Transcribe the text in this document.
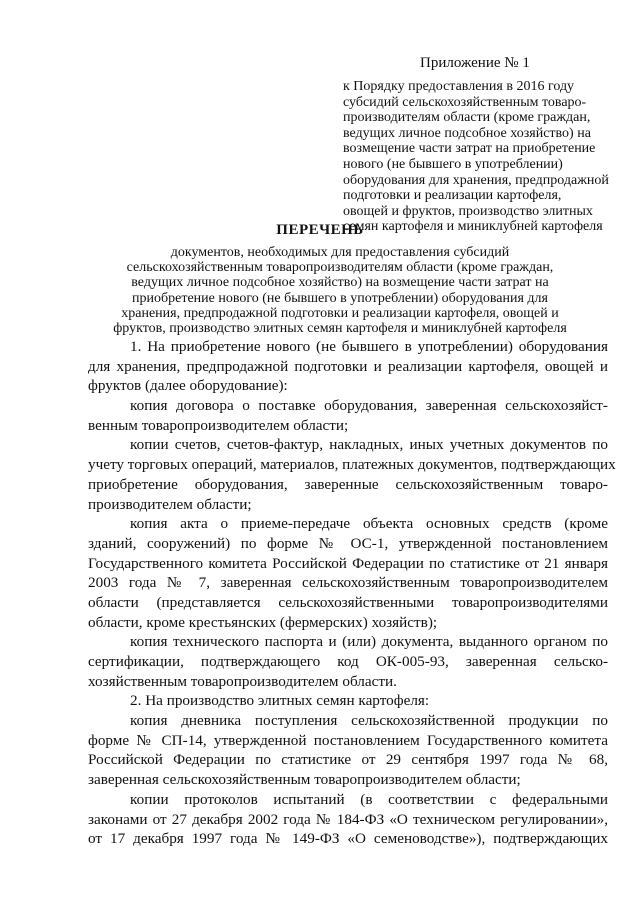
Приложение № 1
к Порядку предоставления в 2016 году
субсидий сельскохозяйственным товаро-
производителям области (кроме граждан,
ведущих личное подсобное хозяйство) на
возмещение части затрат на приобретение
нового (не бывшего в употреблении)
оборудования для хранения, предпродажной
подготовки и реализации картофеля,
овощей и фруктов, производство элитных
семян картофеля и миниклубней картофеля
ПЕРЕЧЕНЬ
документов, необходимых для предоставления субсидий
сельскохозяйственным товаропроизводителям области (кроме граждан,
ведущих личное подсобное хозяйство) на возмещение части затрат на
приобретение нового (не бывшего в употреблении) оборудования для
хранения, предпродажной подготовки и реализации картофеля, овощей и
фруктов, производство элитных семян картофеля и миниклубней картофеля
1. На приобретение нового (не бывшего в употреблении) оборудования
для хранения, предпродажной подготовки и реализации картофеля, овощей и
фруктов (далее оборудование):
копия договора о поставке оборудования, заверенная сельскохозяйст-
венным товаропроизводителем области;
копии счетов, счетов-фактур, накладных, иных учетных документов по
учету торговых операций, материалов, платежных документов, подтверждающих
приобретение оборудования, заверенные сельскохозяйственным товаро-
производителем области;
копия акта о приеме-передаче объекта основных средств (кроме
зданий, сооружений) по форме № ОС-1, утвержденной постановлением
Государственного комитета Российской Федерации по статистике от 21 января
2003 года № 7, заверенная сельскохозяйственным товаропроизводителем
области (представляется сельскохозяйственными товаропроизводителями
области, кроме крестьянских (фермерских) хозяйств);
копия технического паспорта и (или) документа, выданного органом по
сертификации, подтверждающего код ОК-005-93, заверенная сельско-
хозяйственным товаропроизводителем области.
2. На производство элитных семян картофеля:
копия дневника поступления сельскохозяйственной продукции по
форме № СП-14, утвержденной постановлением Государственного комитета
Российской Федерации по статистике от 29 сентября 1997 года № 68,
заверенная сельскохозяйственным товаропроизводителем области;
копии протоколов испытаний (в соответствии с федеральными
законами от 27 декабря 2002 года № 184-ФЗ «О техническом регулировании»,
от 17 декабря 1997 года № 149-ФЗ «О семеноводстве»), подтверждающих
